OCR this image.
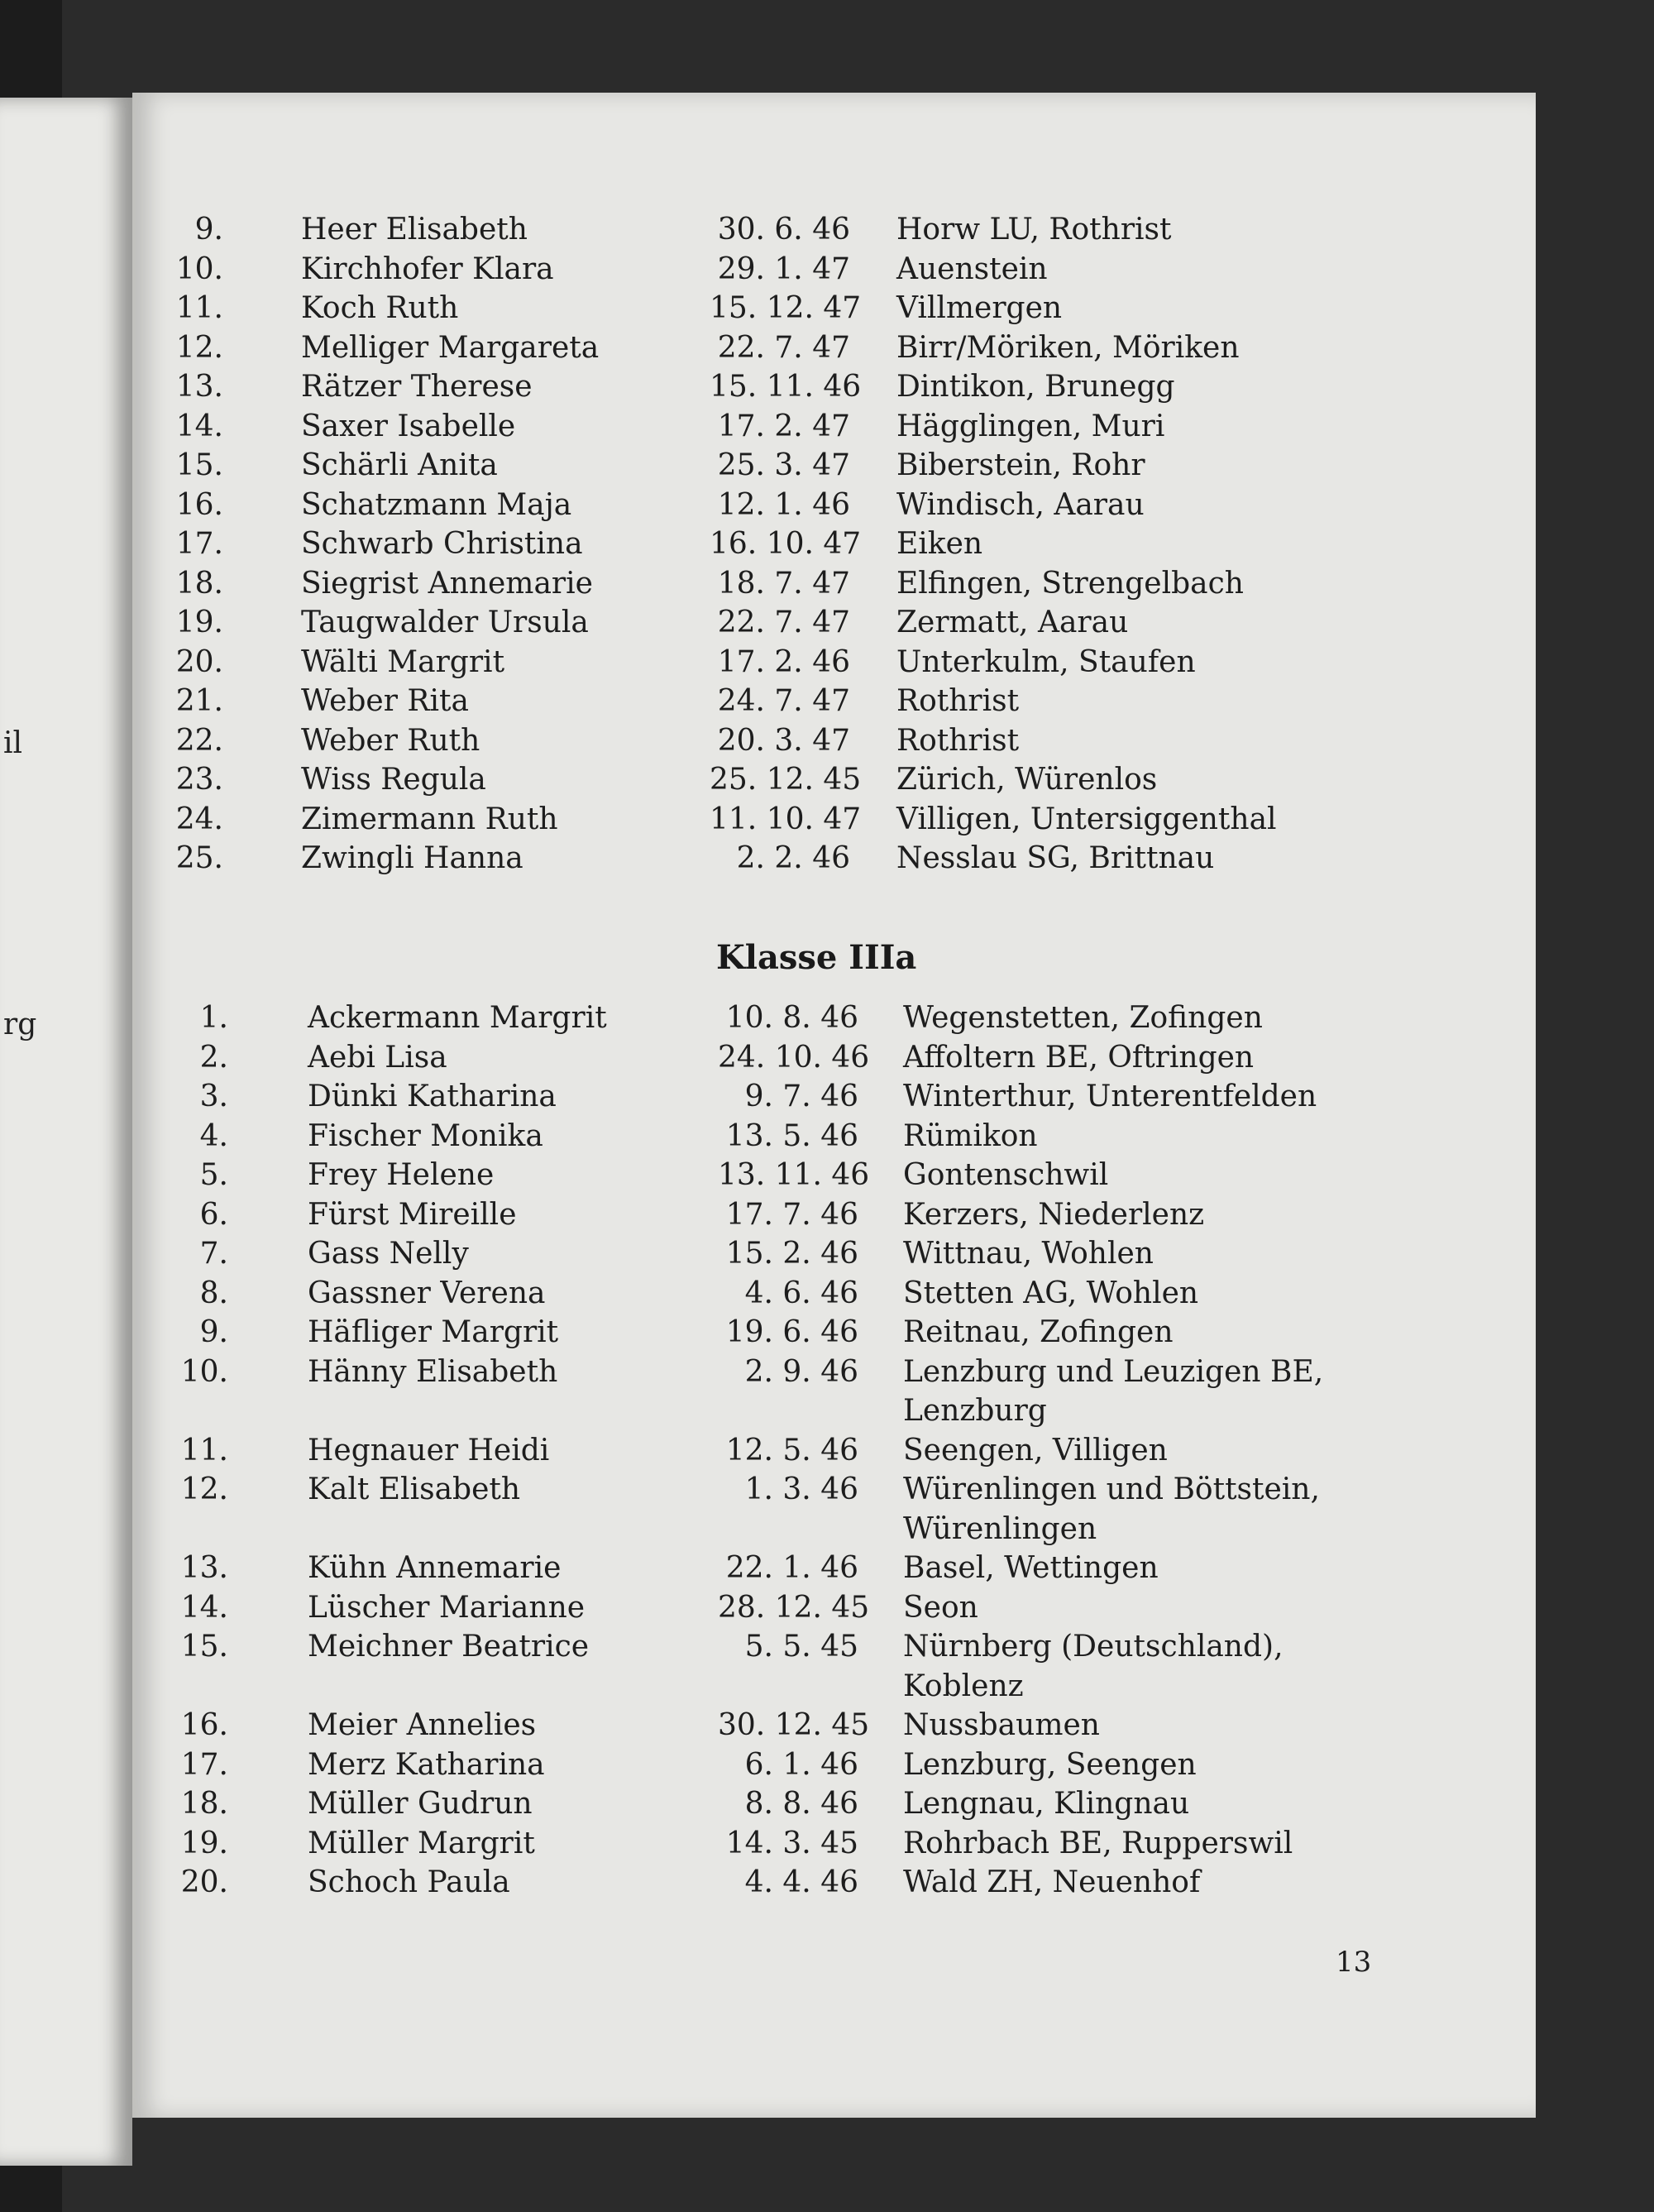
il
rg
9.	Heer Elisabeth	30. 6. 46 Horw LU, Rothrist
10.	Kirchhofer Klara	29. 1. 47 Auenstein
11.	Koch Ruth	15. 12. 47 Villmergen
12.	Melliger Margareta	22. 7. 47 Birr/Möriken, Möriken
13.	Rätzer Therese	15. 11. 46 Dintikon, Brunegg
14.	Saxer Isabelle	17. 2. 47 Hägglingen, Muri
15.	Schärli Anita	25. 3. 47 Biberstein, Rohr
16.	Schatzmann Maja	12. 1. 46 Windisch, Aarau
17.	Schwarb Christina	16. 10. 47 Eiken
18.	Siegrist Annemarie	18. 7. 47 Elfingen, Strengelbach
19.	Taugwalder Ursula	22. 7. 47 Zermatt, Aarau
20.	Wälti Margrit	17. 2. 46 Unterkulm, Staufen
21.	Weber Rita	24. 7. 47 Rothrist
22.	Weber Ruth	20. 3. 47 Rothrist
23.	Wiss Regula	25. 12. 45 Zürich, Würenlos
24.	Zimermann Ruth	11. 10. 47 Villigen, Untersiggenthal
25.	Zwingli Hanna	2. 2. 46 Nesslau SG, Brittnau
Klasse IIIa
1.	Ackermann Margrit	10. 8. 46 Wegenstetten, Zofingen
2.	Aebi Lisa	24. 10. 46 Affoltern BE, Oftringen
3.	Dünki Katharina	9. 7. 46 Winterthur, Unterentfelden
4.	Fischer Monika	13. 5. 46 Rümikon
5.	Frey Helene	13. 11. 46 Gontenschwil
6.	Fürst Mireille	17. 7. 46 Kerzers, Niederlenz
7.	Gass Nelly	15. 2. 46 Wittnau, Wohlen
8.	Gassner Verena	4. 6. 46 Stetten AG, Wohlen
9.	Häfliger Margrit	19. 6. 46 Reitnau, Zofingen
10.	Hänny Elisabeth	2. 9. 46 Lenzburg und Leuzigen BE,
Lenzburg
11.	Hegnauer Heidi	12. 5. 46 Seengen, Villigen
12.	Kalt Elisabeth	1. 3. 46 Würenlingen und Böttstein,
Würenlingen
13.	Kühn Annemarie	22. 1. 46 Basel, Wettingen
14.	Lüscher Marianne	28. 12. 45 Seon
15.	Meichner Beatrice	5. 5. 45 Nürnberg (Deutschland),
Koblenz
16.	Meier Annelies	30. 12. 45 Nussbaumen
17.	Merz Katharina	6. 1. 46 Lenzburg, Seengen
18.	Müller Gudrun	8. 8. 46 Lengnau, Klingnau
19.	Müller Margrit	14. 3. 45 Rohrbach BE, Rupperswil
20.	Schoch Paula	4. 4. 46 Wald ZH, Neuenhof
13
